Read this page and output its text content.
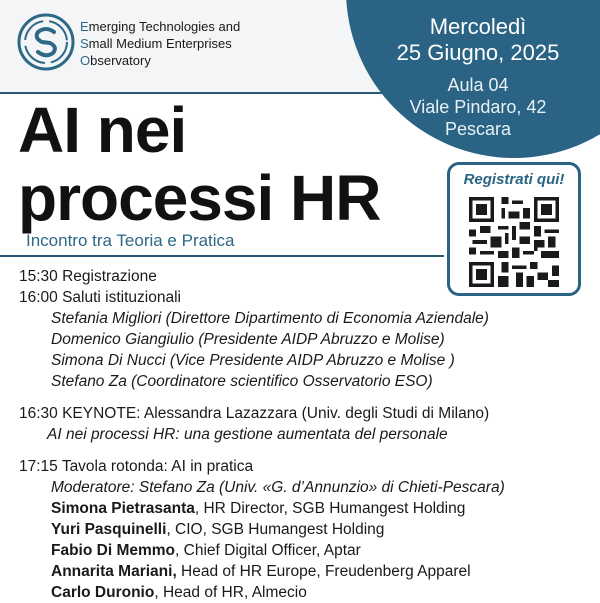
Emerging Technologies and
Small Medium Enterprises
Observatory
Mercoledì
25 Giugno, 2025
Aula 04
Viale Pindaro, 42
Pescara
AI nei
processi HR
Incontro tra Teoria e Pratica
Registrati qui!
15:30 Registrazione
16:00 Saluti istituzionali
Stefania Migliori (Direttore Dipartimento di Economia Aziendale)
Domenico Giangiulio (Presidente AIDP Abruzzo e Molise)
Simona Di Nucci (Vice Presidente AIDP Abruzzo e Molise )
Stefano Za (Coordinatore scientifico Osservatorio ESO)
16:30 KEYNOTE: Alessandra Lazazzara (Univ. degli Studi di Milano)
AI nei processi HR: una gestione aumentata del personale
17:15 Tavola rotonda: AI in pratica
Moderatore: Stefano Za (Univ. «G. d’Annunzio» di Chieti-Pescara)
Simona Pietrasanta, HR Director, SGB Humangest Holding
Yuri Pasquinelli, CIO, SGB Humangest Holding
Fabio Di Memmo, Chief Digital Officer, Aptar
Annarita Mariani, Head of HR Europe, Freudenberg Apparel
Carlo Duronio, Head of HR, Almecio
